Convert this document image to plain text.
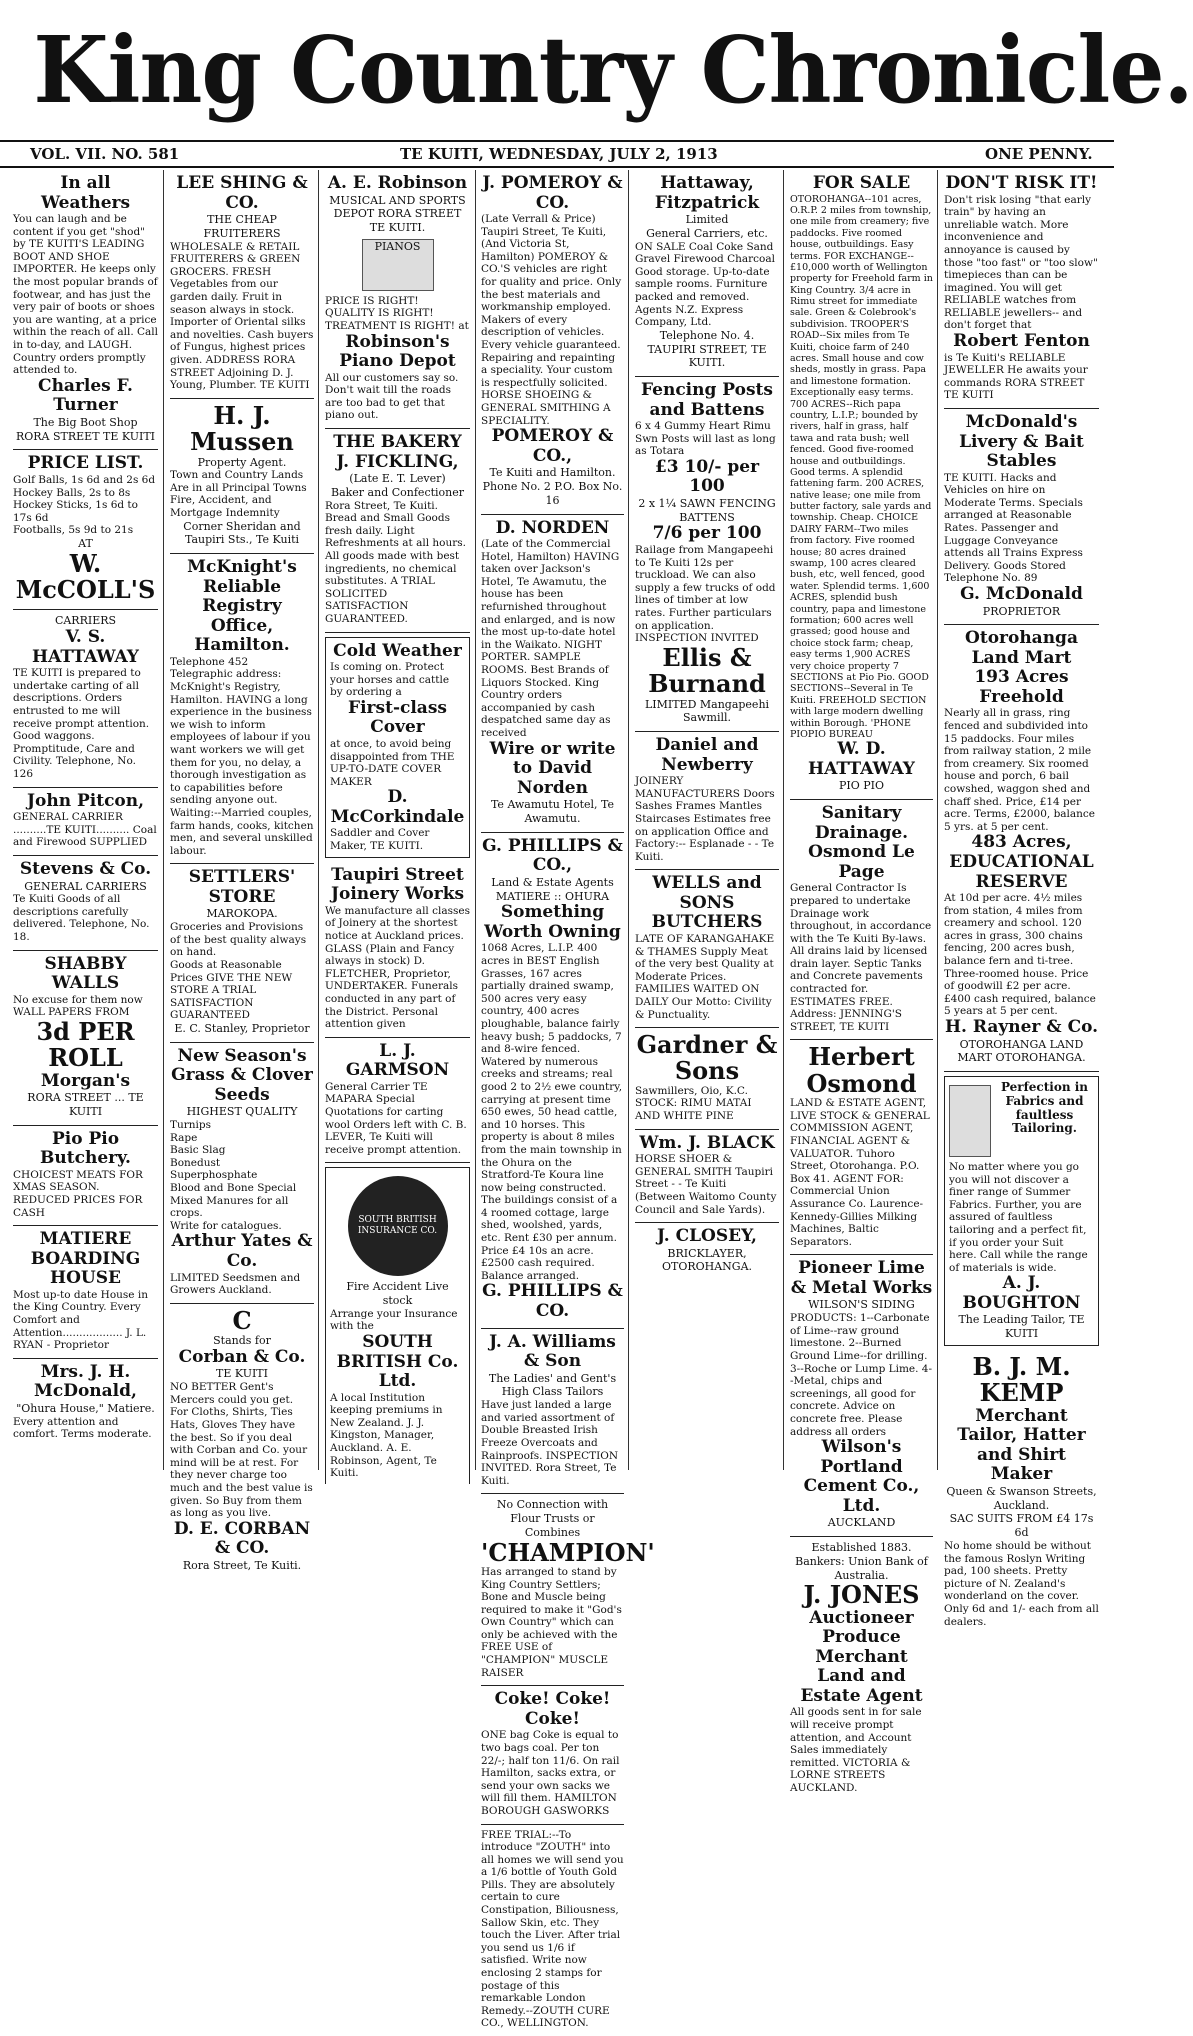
King Country Chronicle.
VOL. VII. NO. 581	TE KUITI, WEDNESDAY, JULY 2, 1913	ONE PENNY.
In all Weathers
You can laugh and be content if you get "shod" by TE KUITI'S LEADING BOOT AND SHOE IMPORTER. He keeps only the most popular brands of footwear, and has just the very pair of boots or shoes you are wanting, at a price within the reach of all. Call in to-day, and LAUGH. Country orders promptly attended to.
Charles F. Turner
The Big Boot Shop
RORA STREET TE KUITI
PRICE LIST.
Golf Balls, 1s 6d and 2s 6d
Hockey Balls, 2s to 8s
Hockey Sticks, 1s 6d to 17s 6d
Footballs, 5s 9d to 21s
AT
W. McCOLL'S
CARRIERS
V. S. HATTAWAY
TE KUITI is prepared to undertake carting of all descriptions. Orders entrusted to me will receive prompt attention. Good waggons. Promptitude, Care and Civility. Telephone, No. 126
John Pitcon,
GENERAL CARRIER ..........TE KUITI.......... Coal and Firewood SUPPLIED
Stevens & Co.
GENERAL CARRIERS
Te Kuiti Goods of all descriptions carefully delivered. Telephone, No. 18.
SHABBY WALLS
No excuse for them now WALL PAPERS FROM
3d PER ROLL
Morgan's
RORA STREET ... TE KUITI
Pio Pio Butchery.
CHOICEST MEATS FOR XMAS SEASON. REDUCED PRICES FOR CASH
MATIERE BOARDING HOUSE
Most up-to date House in the King Country. Every Comfort and Attention.................. J. L. RYAN - Proprietor
Mrs. J. H. McDonald,
"Ohura House," Matiere.
Every attention and comfort. Terms moderate.
LEE SHING & CO.
THE CHEAP FRUITERERS
WHOLESALE & RETAIL FRUITERERS & GREEN GROCERS. FRESH Vegetables from our garden daily. Fruit in season always in stock. Importer of Oriental silks and novelties. Cash buyers of Fungus, highest prices given. ADDRESS RORA STREET Adjoining D. J. Young, Plumber. TE KUITI
H. J. Mussen
Property Agent.
Town and Country Lands Are in all Principal Towns Fire, Accident, and Mortgage Indemnity
Corner Sheridan and Taupiri Sts., Te Kuiti
McKnight's Reliable Registry Office, Hamilton.
Telephone 452 Telegraphic address: McKnight's Registry, Hamilton. HAVING a long experience in the business we wish to inform employees of labour if you want workers we will get them for you, no delay, a thorough investigation as to capabilities before sending anyone out. Waiting:--Married couples, farm hands, cooks, kitchen men, and several unskilled labour.
SETTLERS' STORE
MAROKOPA.
Groceries and Provisions of the best quality always on hand.
Goods at Reasonable Prices GIVE THE NEW STORE A TRIAL SATISFACTION GUARANTEED
E. C. Stanley, Proprietor
New Season's Grass & Clover Seeds
HIGHEST QUALITY
Turnips
Rape
Basic Slag
Bonedust
Superphosphate
Blood and Bone Special Mixed Manures for all crops.
Write for catalogues.
Arthur Yates & Co.
LIMITED Seedsmen and Growers Auckland.
C
Stands for
Corban & Co.
TE KUITI
NO BETTER Gent's Mercers could you get. For Cloths, Shirts, Ties Hats, Gloves They have the best. So if you deal with Corban and Co. your mind will be at rest. For they never charge too much and the best value is given. So Buy from them as long as you live.
D. E. CORBAN & CO.
Rora Street, Te Kuiti.
A. E. Robinson
MUSICAL AND SPORTS DEPOT RORA STREET TE KUITI.
PIANOS
PRICE IS RIGHT! QUALITY IS RIGHT! TREATMENT IS RIGHT! at
Robinson's Piano Depot
All our customers say so. Don't wait till the roads are too bad to get that piano out.
THE BAKERY
J. FICKLING,
(Late E. T. Lever)
Baker and Confectioner
Rora Street, Te Kuiti. Bread and Small Goods fresh daily. Light Refreshments at all hours. All goods made with best ingredients, no chemical substitutes. A TRIAL SOLICITED SATISFACTION GUARANTEED.
Cold Weather
Is coming on. Protect your horses and cattle by ordering a
First-class Cover
at once, to avoid being disappointed from THE UP-TO-DATE COVER MAKER
D. McCorkindale
Saddler and Cover Maker, TE KUITI.
Taupiri Street Joinery Works
We manufacture all classes of Joinery at the shortest notice at Auckland prices. GLASS (Plain and Fancy always in stock) D. FLETCHER, Proprietor, UNDERTAKER. Funerals conducted in any part of the District. Personal attention given
L. J. GARMSON
General Carrier TE MAPARA Special Quotations for carting wool Orders left with C. B. LEVER, Te Kuiti will receive prompt attention.
SOUTH BRITISH INSURANCE CO.
Fire Accident Live stock
Arrange your Insurance with the
SOUTH BRITISH Co. Ltd.
A local Institution keeping premiums in New Zealand. J. J. Kingston, Manager, Auckland. A. E. Robinson, Agent, Te Kuiti.
J. POMEROY & CO.
(Late Verrall & Price) Taupiri Street, Te Kuiti, (And Victoria St, Hamilton) POMEROY & CO.'S vehicles are right for quality and price. Only the best materials and workmanship employed. Makers of every description of vehicles. Every vehicle guaranteed. Repairing and repainting a speciality. Your custom is respectfully solicited. HORSE SHOEING & GENERAL SMITHING A SPECIALITY.
POMEROY & CO.,
Te Kuiti and Hamilton. Phone No. 2 P.O. Box No. 16
D. NORDEN
(Late of the Commercial Hotel, Hamilton) HAVING taken over Jackson's Hotel, Te Awamutu, the house has been refurnished throughout and enlarged, and is now the most up-to-date hotel in the Waikato. NIGHT PORTER. SAMPLE ROOMS. Best Brands of Liquors Stocked. King Country orders accompanied by cash despatched same day as received
Wire or write to David Norden
Te Awamutu Hotel, Te Awamutu.
G. PHILLIPS & CO.,
Land & Estate Agents MATIERE :: OHURA
Something Worth Owning
1068 Acres, L.I.P. 400 acres in BEST English Grasses, 167 acres partially drained swamp, 500 acres very easy country, 400 acres ploughable, balance fairly heavy bush; 5 paddocks, 7 and 8-wire fenced. Watered by numerous creeks and streams; real good 2 to 2½ ewe country, carrying at present time 650 ewes, 50 head cattle, and 10 horses. This property is about 8 miles from the main township in the Ohura on the Stratford-Te Koura line now being constructed. The buildings consist of a 4 roomed cottage, large shed, woolshed, yards, etc. Rent £30 per annum. Price £4 10s an acre. £2500 cash required. Balance arranged.
G. PHILLIPS & CO.
J. A. Williams & Son
The Ladies' and Gent's High Class Tailors
Have just landed a large and varied assortment of Double Breasted Irish Freeze Overcoats and Rainproofs. INSPECTION INVITED. Rora Street, Te Kuiti.
No Connection with Flour Trusts or Combines
'CHAMPION'
Has arranged to stand by King Country Settlers; Bone and Muscle being required to make it "God's Own Country" which can only be achieved with the FREE USE of "CHAMPION" MUSCLE RAISER
Coke! Coke! Coke!
ONE bag Coke is equal to two bags coal. Per ton 22/-; half ton 11/6. On rail Hamilton, sacks extra, or send your own sacks we will fill them. HAMILTON BOROUGH GASWORKS
FREE TRIAL:--To introduce "ZOUTH" into all homes we will send you a 1/6 bottle of Youth Gold Pills. They are absolutely certain to cure Constipation, Biliousness, Sallow Skin, etc. They touch the Liver. After trial you send us 1/6 if satisfied. Write now enclosing 2 stamps for postage of this remarkable London Remedy.--ZOUTH CURE CO., WELLINGTON.
Hattaway, Fitzpatrick
Limited
General Carriers, etc.
ON SALE Coal Coke Sand Gravel Firewood Charcoal Good storage. Up-to-date sample rooms. Furniture packed and removed. Agents N.Z. Express Company, Ltd.
Telephone No. 4. TAUPIRI STREET, TE KUITI.
Fencing Posts and Battens
6 x 4 Gummy Heart Rimu Swn Posts will last as long as Totara
£3 10/- per 100
2 x 1¼ SAWN FENCING BATTENS
7/6 per 100
Railage from Mangapeehi to Te Kuiti 12s per truckload. We can also supply a few trucks of odd lines of timber at low rates. Further particulars on application. INSPECTION INVITED
Ellis & Burnand
LIMITED Mangapeehi Sawmill.
Daniel and Newberry
JOINERY MANUFACTURERS Doors Sashes Frames Mantles Staircases Estimates free on application Office and Factory:-- Esplanade - - Te Kuiti.
WELLS and SONS
BUTCHERS
LATE OF KARANGAHAKE & THAMES Supply Meat of the very best Quality at Moderate Prices. FAMILIES WAITED ON DAILY Our Motto: Civility & Punctuality.
Gardner & Sons
Sawmillers, Oio, K.C. STOCK: RIMU MATAI AND WHITE PINE
Wm. J. BLACK
HORSE SHOER & GENERAL SMITH Taupiri Street - - Te Kuiti (Between Waitomo County Council and Sale Yards).
J. CLOSEY,
BRICKLAYER, OTOROHANGA.
FOR SALE
OTOROHANGA--101 acres, O.R.P. 2 miles from township, one mile from creamery; five paddocks. Five roomed house, outbuildings. Easy terms. FOR EXCHANGE--£10,000 worth of Wellington property for Freehold farm in King Country. 3/4 acre in Rimu street for immediate sale. Green & Colebrook's subdivision. TROOPER'S ROAD--Six miles from Te Kuiti, choice farm of 240 acres. Small house and cow sheds, mostly in grass. Papa and limestone formation. Exceptionally easy terms. 700 ACRES--Rich papa country, L.I.P.; bounded by rivers, half in grass, half tawa and rata bush; well fenced. Good five-roomed house and outbuildings. Good terms. A splendid fattening farm. 200 ACRES, native lease; one mile from butter factory, sale yards and township. Cheap. CHOICE DAIRY FARM--Two miles from factory. Five roomed house; 80 acres drained swamp, 100 acres cleared bush, etc, well fenced, good water. Splendid terms. 1,600 ACRES, splendid bush country, papa and limestone formation; 600 acres well grassed; good house and choice stock farm; cheap, easy terms 1,900 ACRES very choice property 7 SECTIONS at Pio Pio. GOOD SECTIONS--Several in Te Kuiti. FREEHOLD SECTION with large modern dwelling within Borough. 'PHONE PIOPIO BUREAU
W. D. HATTAWAY
PIO PIO
Sanitary Drainage.
Osmond Le Page
General Contractor Is prepared to undertake Drainage work throughout, in accordance with the Te Kuiti By-laws. All drains laid by licensed drain layer. Septic Tanks and Concrete pavements contracted for. ESTIMATES FREE. Address: JENNING'S STREET, TE KUITI
Herbert Osmond
LAND & ESTATE AGENT, LIVE STOCK & GENERAL COMMISSION AGENT, FINANCIAL AGENT & VALUATOR. Tuhoro Street, Otorohanga. P.O. Box 41. AGENT FOR: Commercial Union Assurance Co. Laurence-Kennedy-Gillies Milking Machines, Baltic Separators.
Pioneer Lime & Metal Works
WILSON'S SIDING
PRODUCTS: 1--Carbonate of Lime--raw ground limestone. 2--Burned Ground Lime--for drilling. 3--Roche or Lump Lime. 4--Metal, chips and screenings, all good for concrete. Advice on concrete free. Please address all orders
Wilson's Portland Cement Co., Ltd.
AUCKLAND
Established 1883. Bankers: Union Bank of Australia.
J. JONES
Auctioneer Produce Merchant Land and Estate Agent
All goods sent in for sale will receive prompt attention, and Account Sales immediately remitted. VICTORIA & LORNE STREETS AUCKLAND.
DON'T RISK IT!
Don't risk losing "that early train" by having an unreliable watch. More inconvenience and annoyance is caused by those "too fast" or "too slow" timepieces than can be imagined. You will get RELIABLE watches from RELIABLE jewellers-- and don't forget that
Robert Fenton
is Te Kuiti's RELIABLE JEWELLER He awaits your commands RORA STREET TE KUITI
McDonald's Livery & Bait Stables
TE KUITI. Hacks and Vehicles on hire on Moderate Terms. Specials arranged at Reasonable Rates. Passenger and Luggage Conveyance attends all Trains Express Delivery. Goods Stored Telephone No. 89
G. McDonald
PROPRIETOR
Otorohanga Land Mart
193 Acres Freehold
Nearly all in grass, ring fenced and subdivided into 15 paddocks. Four miles from railway station, 2 mile from creamery. Six roomed house and porch, 6 bail cowshed, waggon shed and chaff shed. Price, £14 per acre. Terms, £2000, balance 5 yrs. at 5 per cent.
483 Acres, EDUCATIONAL RESERVE
At 10d per acre. 4½ miles from station, 4 miles from creamery and school. 120 acres in grass, 300 chains fencing, 200 acres bush, balance fern and ti-tree. Three-roomed house. Price of goodwill £2 per acre. £400 cash required, balance 5 years at 5 per cent.
H. Rayner & Co.
OTOROHANGA LAND MART OTOROHANGA.
Perfection in Fabrics and faultless Tailoring.
No matter where you go you will not discover a finer range of Summer Fabrics. Further, you are assured of faultless tailoring and a perfect fit, if you order your Suit here. Call while the range of materials is wide.
A. J. BOUGHTON
The Leading Tailor, TE KUITI
B. J. M. KEMP
Merchant Tailor, Hatter and Shirt Maker
Queen & Swanson Streets, Auckland.
SAC SUITS FROM £4 17s 6d
No home should be without the famous Roslyn Writing pad, 100 sheets. Pretty picture of N. Zealand's wonderland on the cover. Only 6d and 1/- each from all dealers.
